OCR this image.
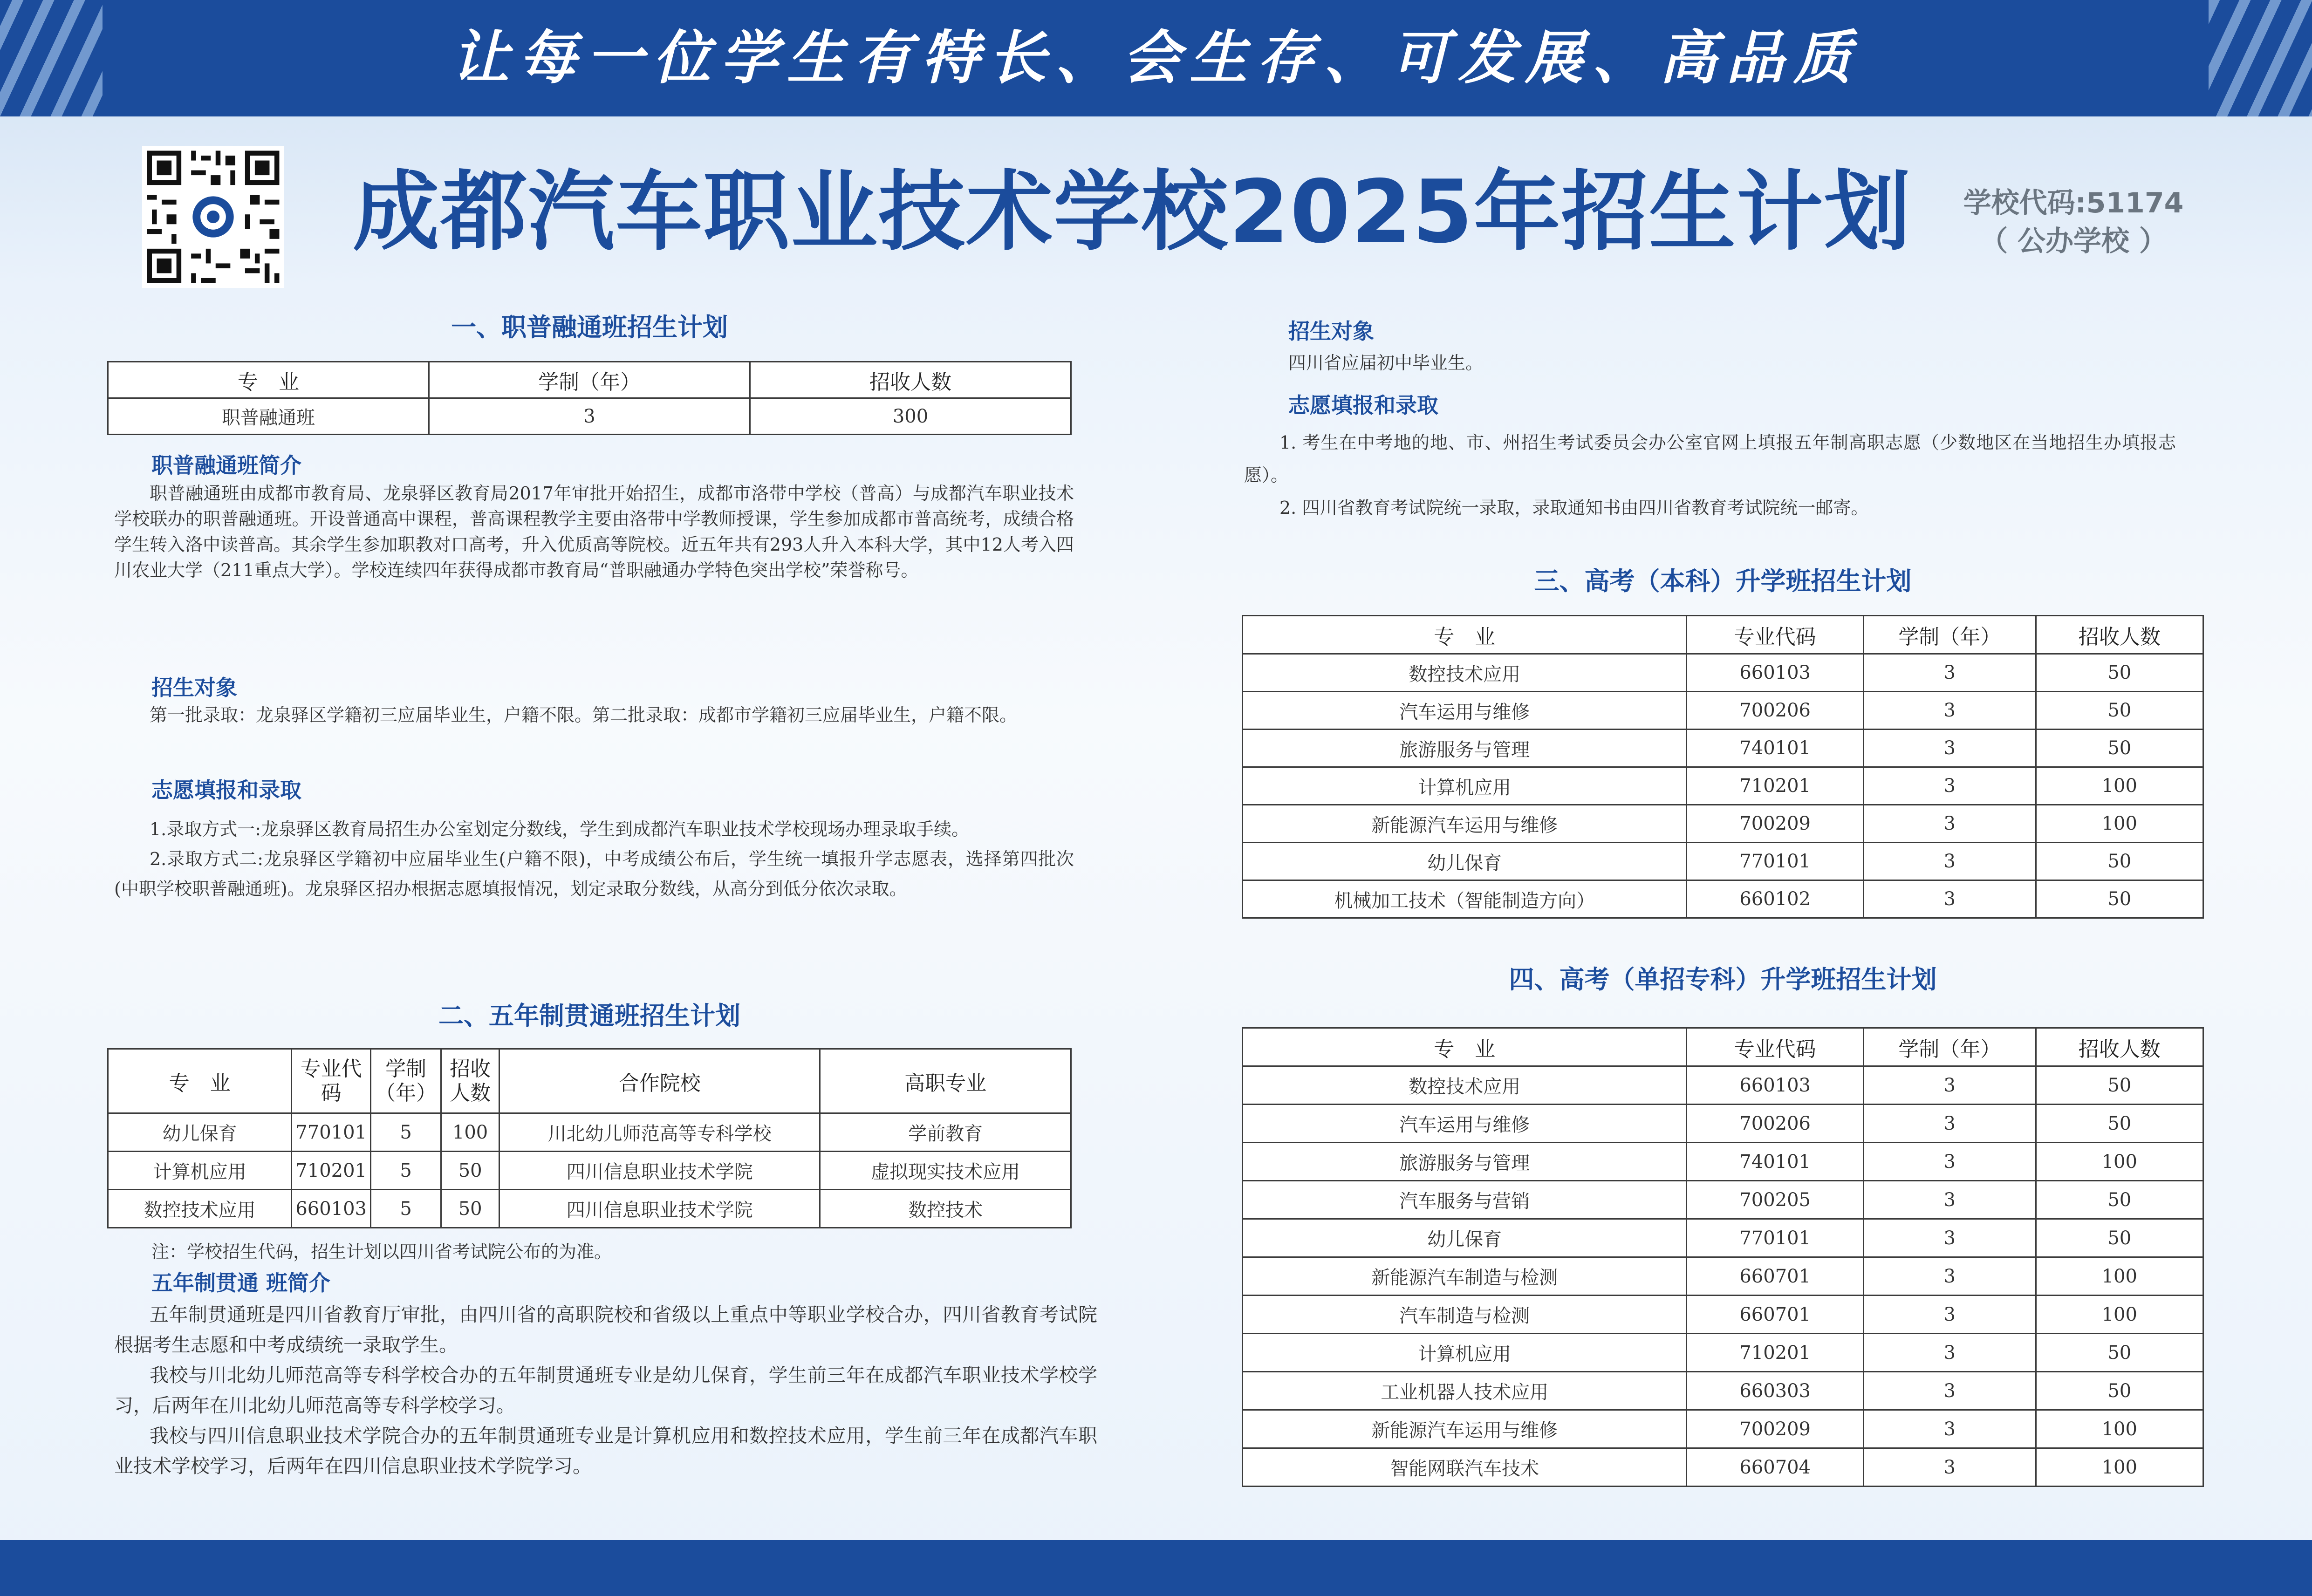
让每一位学生有特长、会生存、可发展、高品质
成都汽车职业技术学校2025年招生计划	学校代码:51174
（ 公办学校 ）
一、职普融通班招生计划
专　业	学制（年）	招收人数
职普融通班	3	300
职普融通班简介

职普融通班由成都市教育局、龙泉驿区教育局2017年审批开始招生，成都市洛带中学校（普高）与成都汽车职业技术学校联办的职普融通班。开设普通高中课程，普高课程教学主要由洛带中学教师授课，学生参加成都市普高统考，成绩合格学生转入洛中读普高。其余学生参加职教对口高考，升入优质高等院校。近五年共有293人升入本科大学，其中12人考入四川农业大学（211重点大学）。学校连续四年获得成都市教育局“普职融通办学特色突出学校”荣誉称号。

招生对象

第一批录取：龙泉驿区学籍初三应届毕业生，户籍不限。第二批录取：成都市学籍初三应届毕业生，户籍不限。

志愿填报和录取

1.录取方式一:龙泉驿区教育局招生办公室划定分数线，学生到成都汽车职业技术学校现场办理录取手续。

2.录取方式二:龙泉驿区学籍初中应届毕业生(户籍不限)，中考成绩公布后，学生统一填报升学志愿表，选择第四批次(中职学校职普融通班)。龙泉驿区招办根据志愿填报情况，划定录取分数线，从高分到低分依次录取。

二、五年制贯通班招生计划
专　业	专业代码	学制（年）	招收人数	合作院校	高职专业
幼儿保育	770101	5	100	川北幼儿师范高等专科学校	学前教育
计算机应用	710201	5	50	四川信息职业技术学院	虚拟现实技术应用
数控技术应用	660103	5	50	四川信息职业技术学院	数控技术

注：学校招生代码，招生计划以四川省考试院公布的为准。

五年制贯通 班简介

五年制贯通班是四川省教育厅审批，由四川省的高职院校和省级以上重点中等职业学校合办，四川省教育考试院根据考生志愿和中考成绩统一录取学生。

我校与川北幼儿师范高等专科学校合办的五年制贯通班专业是幼儿保育，学生前三年在成都汽车职业技术学校学习，后两年在川北幼儿师范高等专科学校学习。

我校与四川信息职业技术学院合办的五年制贯通班专业是计算机应用和数控技术应用，学生前三年在成都汽车职业技术学校学习，后两年在四川信息职业技术学院学习。

招生对象

四川省应届初中毕业生。

志愿填报和录取

1. 考生在中考地的地、市、州招生考试委员会办公室官网上填报五年制高职志愿（少数地区在当地招生办填报志愿）。

2. 四川省教育考试院统一录取，录取通知书由四川省教育考试院统一邮寄。

三、高考（本科）升学班招生计划
专　业	专业代码	学制（年）	招收人数
数控技术应用	660103	3	50
汽车运用与维修	700206	3	50
旅游服务与管理	740101	3	50
计算机应用	710201	3	100
新能源汽车运用与维修	700209	3	100
幼儿保育	770101	3	50
机械加工技术（智能制造方向）	660102	3	50
四、高考（单招专科）升学班招生计划
专　业	专业代码	学制（年）	招收人数
数控技术应用	660103	3	50
汽车运用与维修	700206	3	50
旅游服务与管理	740101	3	100
汽车服务与营销	700205	3	50
幼儿保育	770101	3	50
新能源汽车制造与检测	660701	3	100
汽车制造与检测	660701	3	100
计算机应用	710201	3	50
工业机器人技术应用	660303	3	50
新能源汽车运用与维修	700209	3	100
智能网联汽车技术	660704	3	100
